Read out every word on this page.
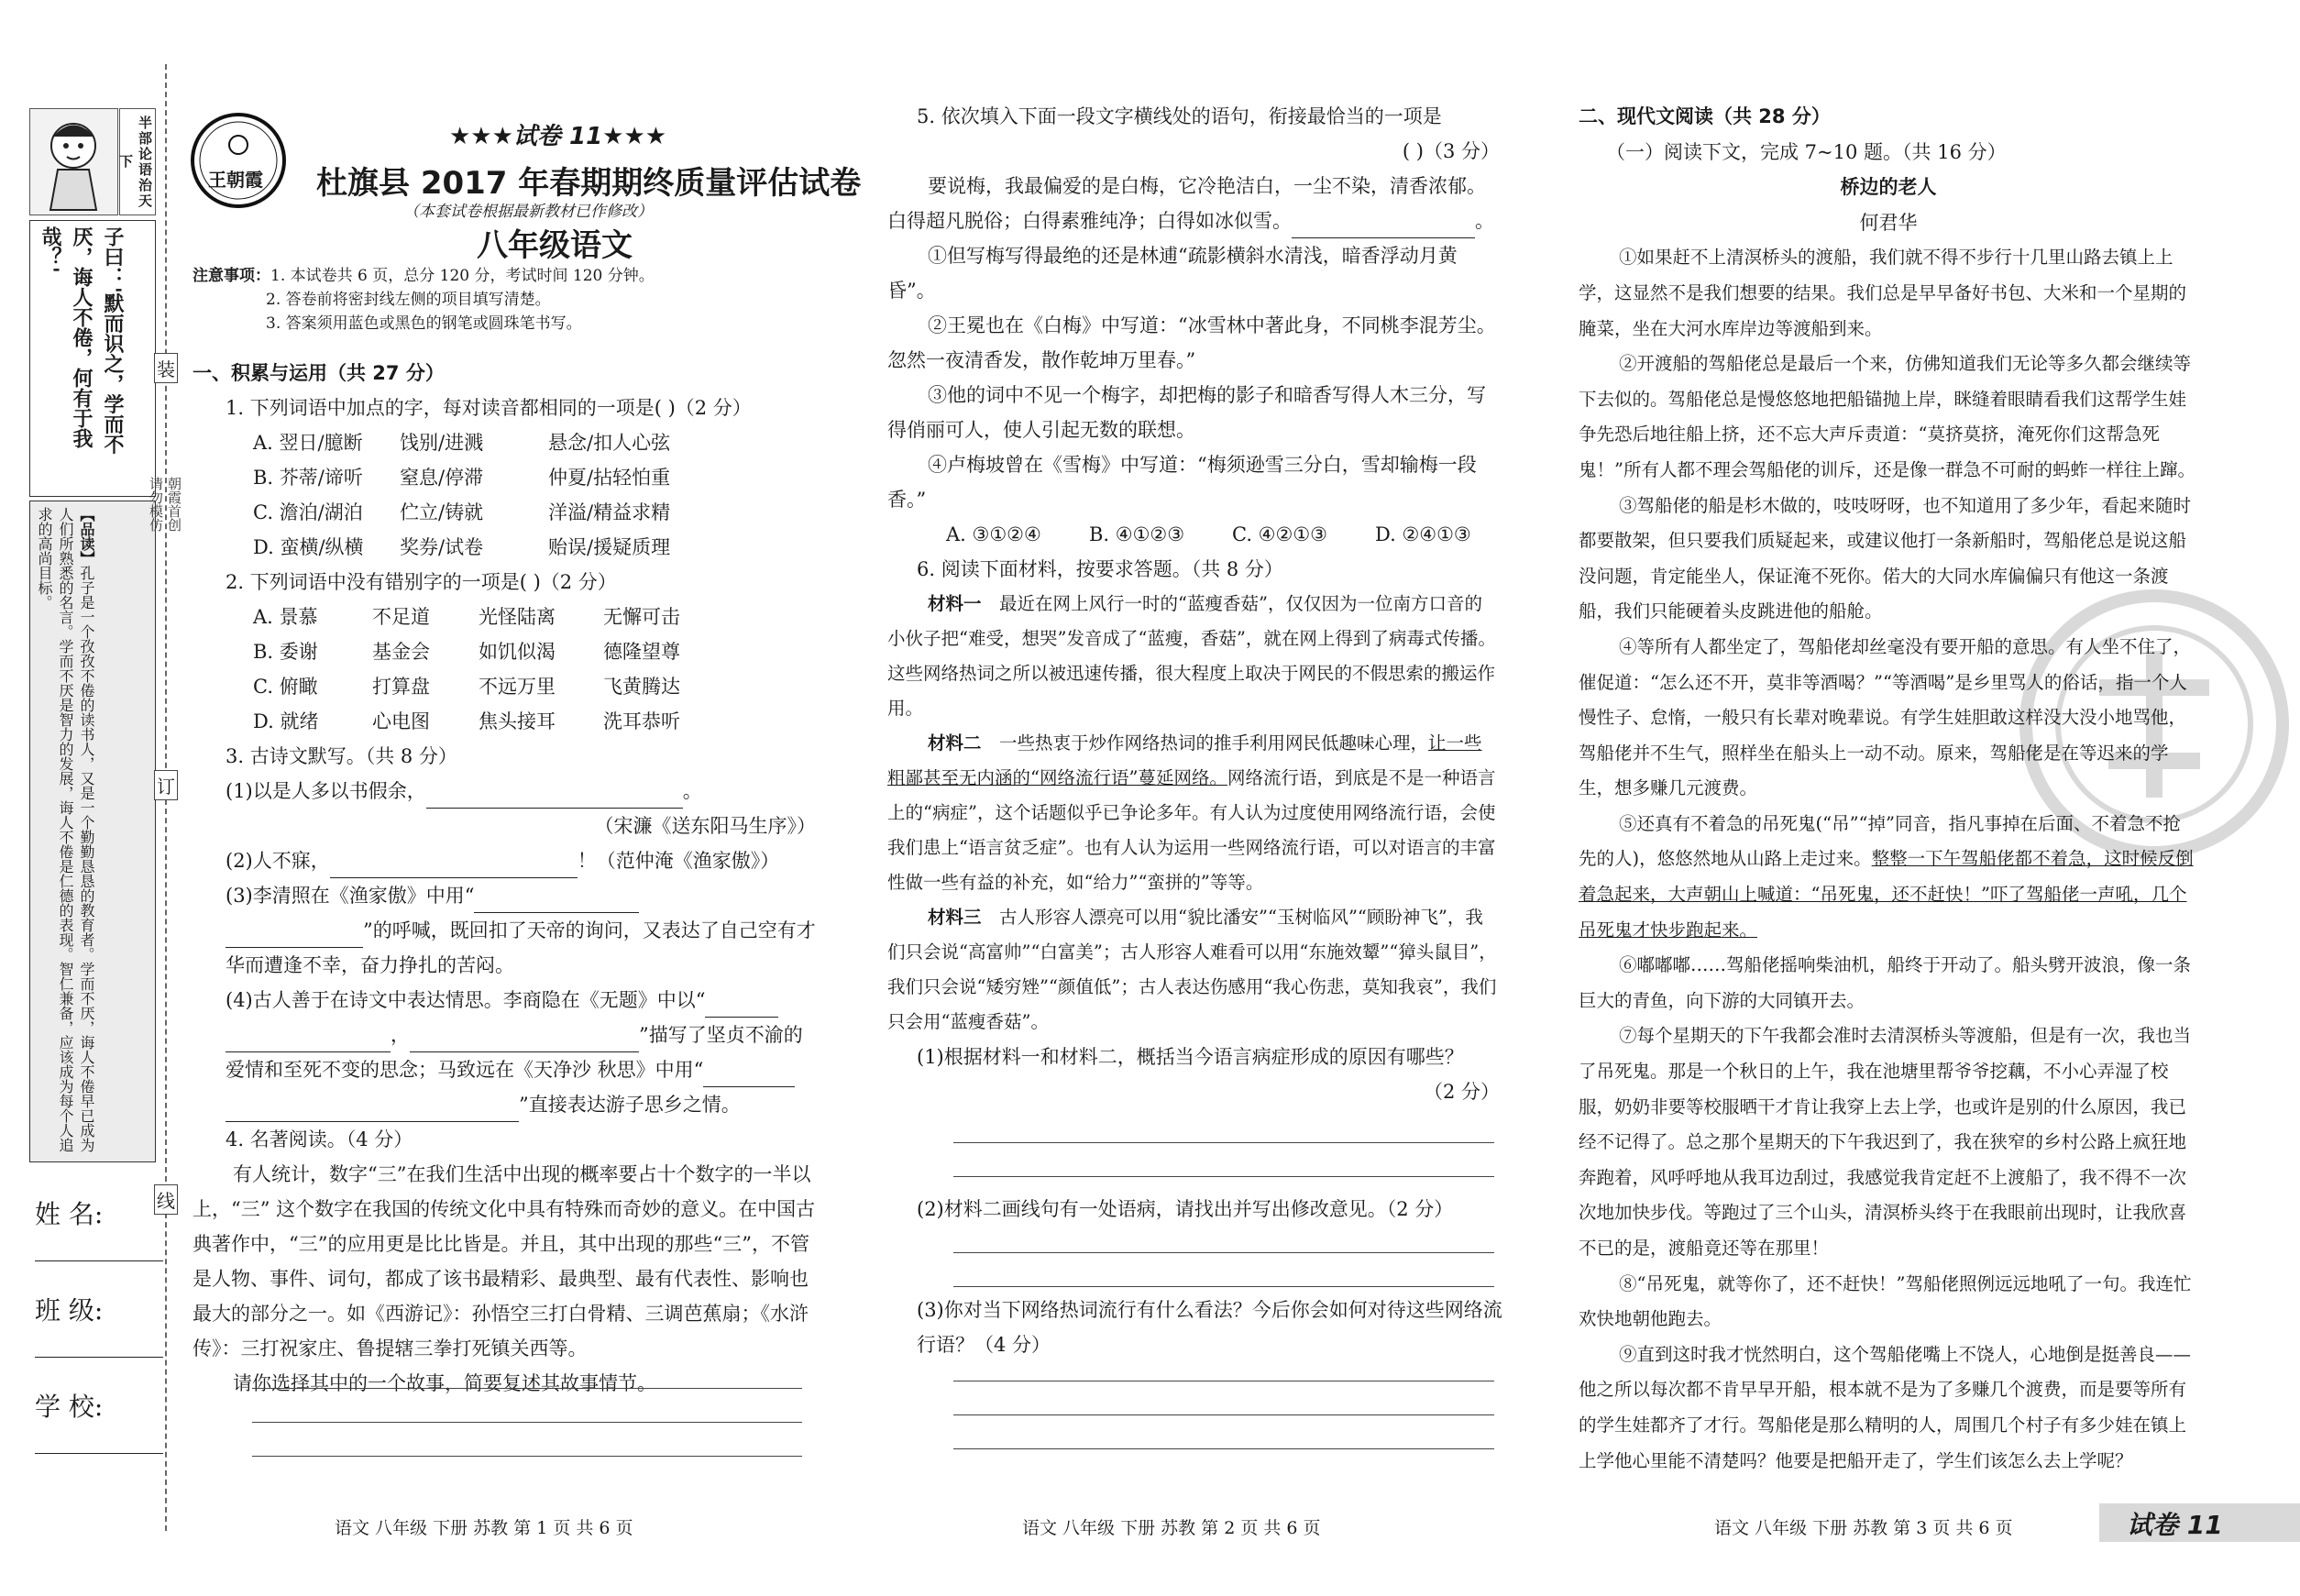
半部论语治天下
子曰：'默而识之，学而不厌，诲人不倦，何有于我哉？'
【品读】孔子是一个孜孜不倦的读书人，又是一个勤勤恳恳的教育者。学而不厌，诲人不倦早已成为人们所熟悉的名言。学而不厌是智力的发展，诲人不倦是仁德的表现。智仁兼备，应该成为每个人追求的高尚目标。
姓 名:
班 级:
学 校:
装
订
线
朝霞首创
请勿模仿
王朝霞
★★★试卷 11★★★
杜旗县 2017 年春期期终质量评估试卷
（本套试卷根据最新教材已作修改）
八年级语文

注意事项：1. 本试卷共 6 页，总分 120 分，考试时间 120 分钟。

2. 答卷前将密封线左侧的项目填写清楚。

3. 答案须用蓝色或黑色的钢笔或圆珠笔书写。

一、积累与运用（共 27 分）

1. 下列词语中加点的字，每对读音都相同的一项是( )（2 分）

A. 翌日/臆断	饯别/进溅	悬念/扣人心弦
B. 芥蒂/谛听	窒息/停滞	仲夏/拈轻怕重
C. 澹泊/湖泊	伫立/铸就	洋溢/精益求精
D. 蛮横/纵横	奖券/试卷	贻误/援疑质理

2. 下列词语中没有错别字的一项是( )（2 分）

A. 景慕	不足道	光怪陆离	无懈可击
B. 委谢	基金会	如饥似渴	德隆望尊
C. 俯瞰	打算盘	不远万里	飞黄腾达
D. 就绪	心电图	焦头接耳	洗耳恭听

3. 古诗文默写。（共 8 分）

(1)以是人多以书假余，	。

（宋濂《送东阳马生序》）

(2)人不寐，	！（范仲淹《渔家傲》）

(3)李清照在《渔家傲》中用“
”的呼喊，既回扣了天帝的询问，又表达了自己空有才华而遭逢不幸，奋力挣扎的苦闷。

(4)古人善于在诗文中表达情思。李商隐在《无题》中以“
，	”描写了坚贞不渝的爱情和至死不变的思念；马致远在《天净沙 秋思》中用“
”直接表达游子思乡之情。

4. 名著阅读。（4 分）

有人统计，数字“三”在我们生活中出现的概率要占十个数字的一半以上，“三” 这个数字在我国的传统文化中具有特殊而奇妙的意义。在中国古典著作中，“三”的应用更是比比皆是。并且，其中出现的那些“三”，不管是人物、事件、词句，都成了该书最精彩、最典型、最有代表性、影响也最大的部分之一。如《西游记》：孙悟空三打白骨精、三调芭蕉扇；《水浒传》：三打祝家庄、鲁提辖三拳打死镇关西等。

请你选择其中的一个故事，简要复述其故事情节。

语文 八年级 下册 苏教 第 1 页 共 6 页

5. 依次填入下面一段文字横线处的语句，衔接最恰当的一项是

( )（3 分）

要说梅，我最偏爱的是白梅，它冷艳洁白，一尘不染，清香浓郁。白得超凡脱俗；白得素雅纯净；白得如冰似雪。	。

①但写梅写得最绝的还是林逋“疏影横斜水清浅，暗香浮动月黄昏”。

②王冕也在《白梅》中写道：“冰雪林中著此身，不同桃李混芳尘。忽然一夜清香发，散作乾坤万里春。”

③他的词中不见一个梅字，却把梅的影子和暗香写得人木三分，写得俏丽可人，使人引起无数的联想。

④卢梅坡曾在《雪梅》中写道：“梅须逊雪三分白，雪却输梅一段香。”

A. ③①②④	B. ④①②③	C. ④②①③	D. ②④①③

6. 阅读下面材料，按要求答题。（共 8 分）

材料一　 最近在网上风行一时的“蓝瘦香菇”，仅仅因为一位南方口音的小伙子把“难受，想哭”发音成了“蓝瘦，香菇”，就在网上得到了病毒式传播。这些网络热词之所以被迅速传播，很大程度上取决于网民的不假思索的搬运作用。

材料二　 一些热衷于炒作网络热词的推手利用网民低趣味心理，让一些粗鄙甚至无内涵的“网络流行语”蔓延网络。网络流行语，到底是不是一种语言上的“病症”，这个话题似乎已争论多年。有人认为过度使用网络流行语，会使我们患上“语言贫乏症”。也有人认为运用一些网络流行语，可以对语言的丰富性做一些有益的补充，如“给力”“蛮拼的”等等。

材料三　 古人形容人漂亮可以用“貌比潘安”“玉树临风”“顾盼神飞”，我们只会说“高富帅”“白富美”；古人形容人难看可以用“东施效颦”“獐头鼠目”，我们只会说“矮穷矬”“颜值低”；古人表达伤感用“我心伤悲，莫知我哀”，我们只会用“蓝瘦香菇”。

(1)根据材料一和材料二，概括当今语言病症形成的原因有哪些？

（2 分）

(2)材料二画线句有一处语病，请找出并写出修改意见。（2 分）

(3)你对当下网络热词流行有什么看法？今后你会如何对待这些网络流行语？（4 分）

语文 八年级 下册 苏教 第 2 页 共 6 页

二、现代文阅读（共 28 分）

（一）阅读下文，完成 7~10 题。（共 16 分）

桥边的老人

何君华

①如果赶不上清溟桥头的渡船，我们就不得不步行十几里山路去镇上上学，这显然不是我们想要的结果。我们总是早早备好书包、大米和一个星期的腌菜，坐在大河水库岸边等渡船到来。

②开渡船的驾船佬总是最后一个来，仿佛知道我们无论等多久都会继续等下去似的。驾船佬总是慢悠悠地把船锚抛上岸，眯缝着眼睛看我们这帮学生娃争先恐后地往船上挤，还不忘大声斥责道：“莫挤莫挤，淹死你们这帮急死鬼！”所有人都不理会驾船佬的训斥，还是像一群急不可耐的蚂蚱一样往上蹿。

③驾船佬的船是杉木做的，吱吱呀呀，也不知道用了多少年，看起来随时都要散架，但只要我们质疑起来，或建议他打一条新船时，驾船佬总是说这船没问题，肯定能坐人，保证淹不死你。偌大的大同水库偏偏只有他这一条渡船，我们只能硬着头皮跳进他的船舱。

④等所有人都坐定了，驾船佬却丝毫没有要开船的意思。有人坐不住了，催促道：“怎么还不开，莫非等酒喝？”“等酒喝”是乡里骂人的俗话，指一个人慢性子、怠惰，一般只有长辈对晚辈说。有学生娃胆敢这样没大没小地骂他，驾船佬并不生气，照样坐在船头上一动不动。原来，驾船佬是在等迟来的学生，想多赚几元渡费。

⑤还真有不着急的吊死鬼(“吊”“掉”同音，指凡事掉在后面、不着急不抢先的人)，悠悠然地从山路上走过来。整整一下午驾船佬都不着急，这时候反倒着急起来，大声朝山上喊道：“吊死鬼，还不赶快！”吓了驾船佬一声吼，几个吊死鬼才快步跑起来。

⑥嘟嘟嘟……驾船佬摇响柴油机，船终于开动了。船头劈开波浪，像一条巨大的青鱼，向下游的大同镇开去。

⑦每个星期天的下午我都会准时去清溟桥头等渡船，但是有一次，我也当了吊死鬼。那是一个秋日的上午，我在池塘里帮爷爷挖藕，不小心弄湿了校服，奶奶非要等校服晒干才肯让我穿上去上学，也或许是别的什么原因，我已经不记得了。总之那个星期天的下午我迟到了，我在狭窄的乡村公路上疯狂地奔跑着，风呼呼地从我耳边刮过，我感觉我肯定赶不上渡船了，我不得不一次次地加快步伐。等跑过了三个山头，清溟桥头终于在我眼前出现时，让我欣喜不已的是，渡船竟还等在那里！

⑧“吊死鬼，就等你了，还不赶快！”驾船佬照例远远地吼了一句。我连忙欢快地朝他跑去。

⑨直到这时我才恍然明白，这个驾船佬嘴上不饶人，心地倒是挺善良——他之所以每次都不肯早早开船，根本就不是为了多赚几个渡费，而是要等所有的学生娃都齐了才行。驾船佬是那么精明的人，周围几个村子有多少娃在镇上上学他心里能不清楚吗？他要是把船开走了，学生们该怎么去上学呢？

语文 八年级 下册 苏教 第 3 页 共 6 页	试卷 11
